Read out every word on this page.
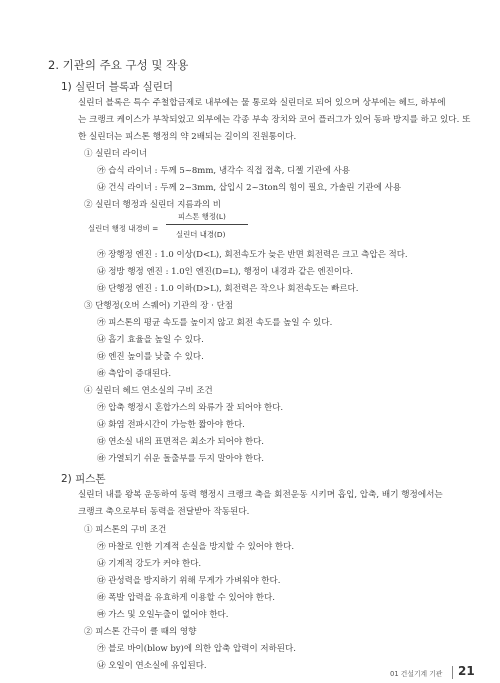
2. 기관의 주요 구성 및 작용
1) 실린더 블록과 실린더
실린더 블록은 특수 주철합금제로 내부에는 물 통로와 실린더로 되어 있으며 상부에는 헤드, 하부에
는 크랭크 케이스가 부착되었고 외부에는 각종 부속 장치와 코어 플러그가 있어 동파 방지를 하고 있다. 또
한 실린더는 피스톤 행정의 약 2배되는 길이의 진원통이다.
① 실린더 라이너
㉮ 습식 라이너 : 두께 5~8mm, 냉각수 직접 접촉, 디젤 기관에 사용
㉯ 건식 라이너 : 두께 2~3mm, 삽입시 2~3ton의 힘이 필요, 가솔린 기관에 사용
② 실린더 행정과 실린더 지름과의 비
실린더 행정 내경비 =
피스톤 행정(L)
실린더 내경(D)
㉮ 장행정 엔진 : 1.0 이상(D<L), 회전속도가 늦은 반면 회전력은 크고 측압은 적다.
㉯ 정방 행정 엔진 : 1.0인 엔진(D=L), 행정이 내경과 같은 엔진이다.
㉰ 단행정 엔진 : 1.0 이하(D>L), 회전력은 작으나 회전속도는 빠르다.
③ 단행정(오버 스퀘어) 기관의 장 · 단점
㉮ 피스톤의 평균 속도를 높이지 않고 회전 속도를 높일 수 있다.
㉯ 흡기 효율을 높일 수 있다.
㉰ 엔진 높이를 낮출 수 있다.
㉱ 측압이 증대된다.
④ 실린더 헤드 연소실의 구비 조건
㉮ 압축 행정시 혼합가스의 와류가 잘 되어야 한다.
㉯ 화염 전파시간이 가능한 짧아야 한다.
㉰ 연소실 내의 표면적은 최소가 되어야 한다.
㉱ 가열되기 쉬운 돌출부를 두지 말아야 한다.
2) 피스톤
실린더 내를 왕복 운동하여 동력 행정시 크랭크 축을 회전운동 시키며 흡입, 압축, 배기 행정에서는
크랭크 축으로부터 동력을 전달받아 작동된다.
① 피스톤의 구비 조건
㉮ 마찰로 인한 기계적 손실을 방지할 수 있어야 한다.
㉯ 기계적 강도가 커야 한다.
㉰ 관성력을 방지하기 위해 무게가 가벼워야 한다.
㉱ 폭발 압력을 유효하게 이용할 수 있어야 한다.
㉲ 가스 및 오일누출이 없어야 한다.
② 피스톤 간극이 클 때의 영향
㉮ 블로 바이(blow by)에 의한 압축 압력이 저하된다.
㉯ 오일이 연소실에 유입된다.
01 건설기계 기관 21
